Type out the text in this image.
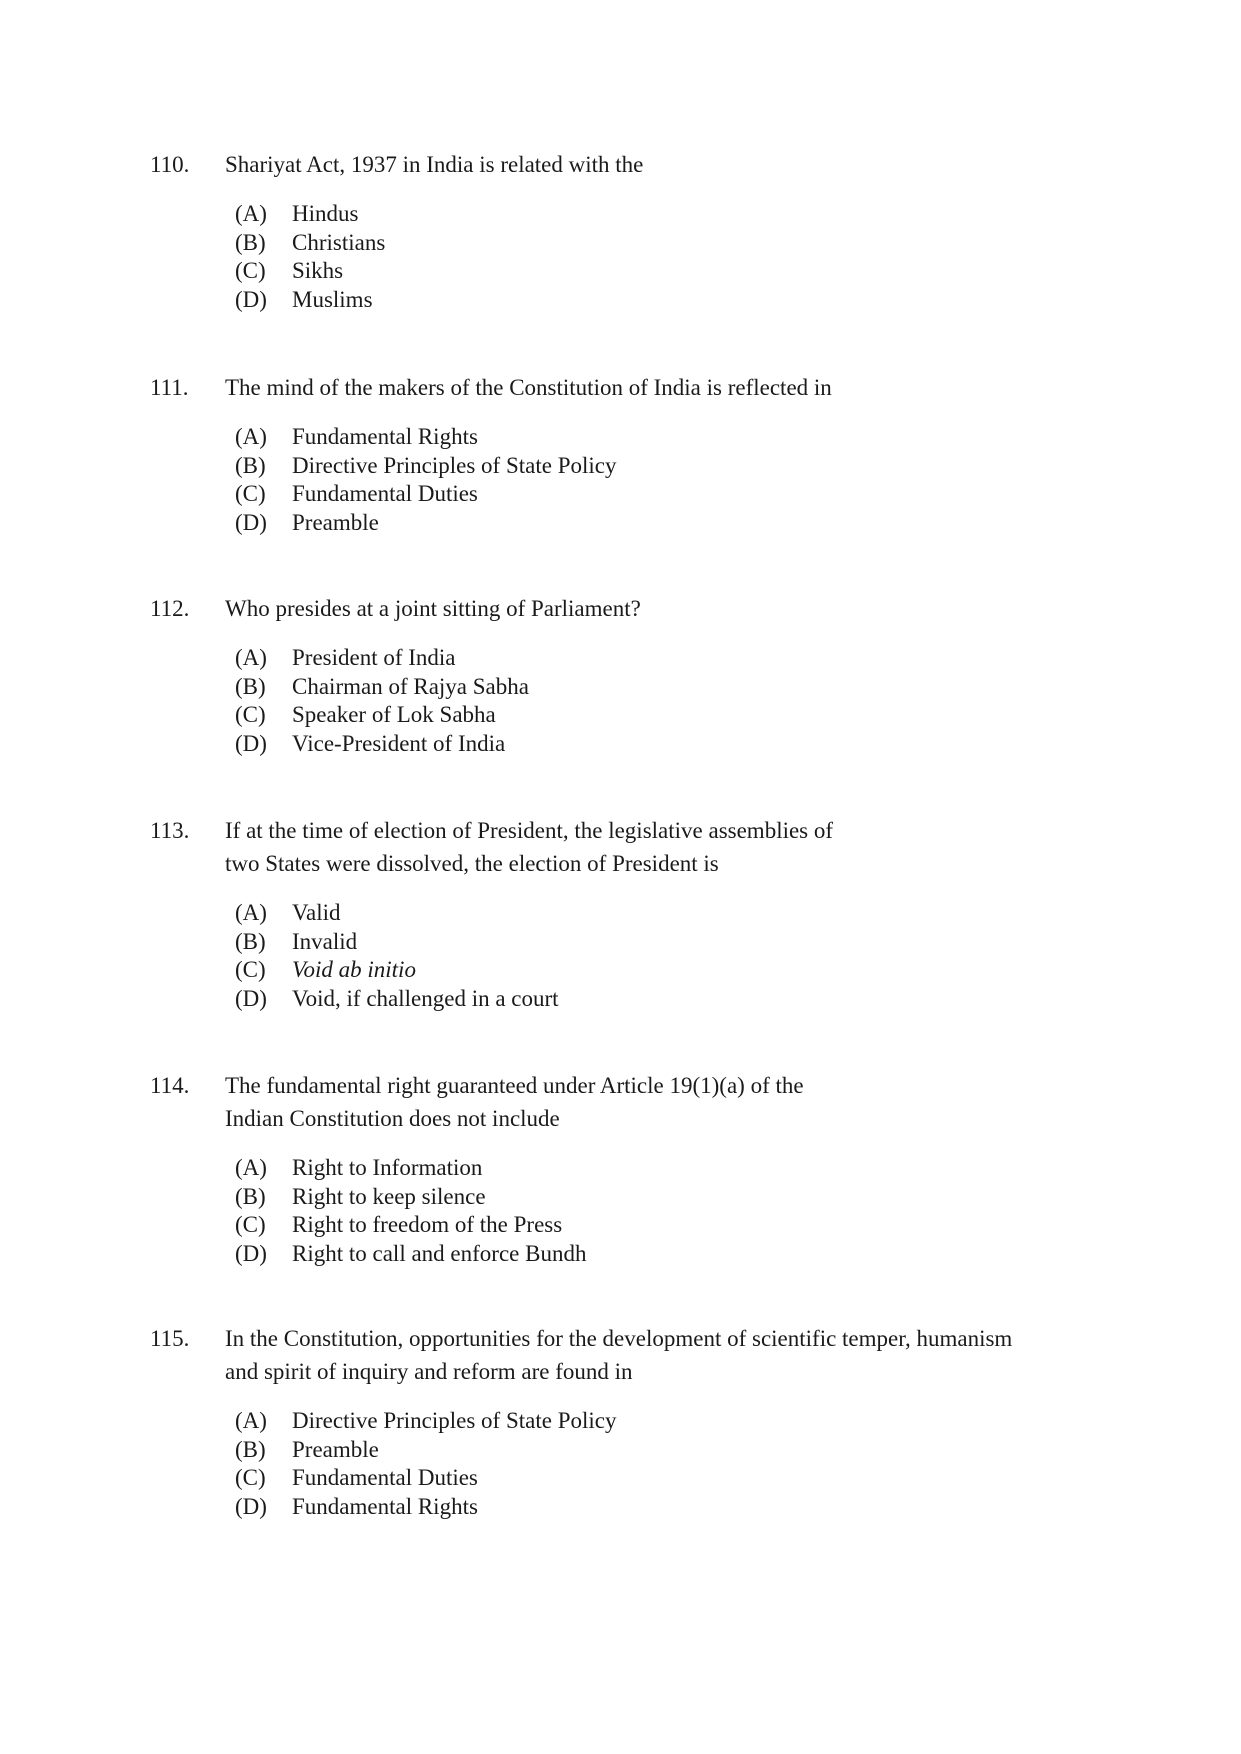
110.	Shariyat Act, 1937 in India is related with the
(A) Hindus
(B) Christians
(C) Sikhs
(D) Muslims
111.	The mind of the makers of the Constitution of India is reflected in
(A) Fundamental Rights
(B) Directive Principles of State Policy
(C) Fundamental Duties
(D) Preamble
112.	Who presides at a joint sitting of Parliament?
(A) President of India
(B) Chairman of Rajya Sabha
(C) Speaker of Lok Sabha
(D) Vice-President of India
113.	If at the time of election of President, the legislative assemblies of two States were dissolved, the election of President is
(A) Valid
(B) Invalid
(C) Void ab initio
(D) Void, if challenged in a court
114.	The fundamental right guaranteed under Article 19(1)(a) of the Indian Constitution does not include
(A) Right to Information
(B) Right to keep silence
(C) Right to freedom of the Press
(D) Right to call and enforce Bundh
115.	In the Constitution, opportunities for the development of scientific temper, humanism and spirit of inquiry and reform are found in
(A) Directive Principles of State Policy
(B) Preamble
(C) Fundamental Duties
(D) Fundamental Rights
